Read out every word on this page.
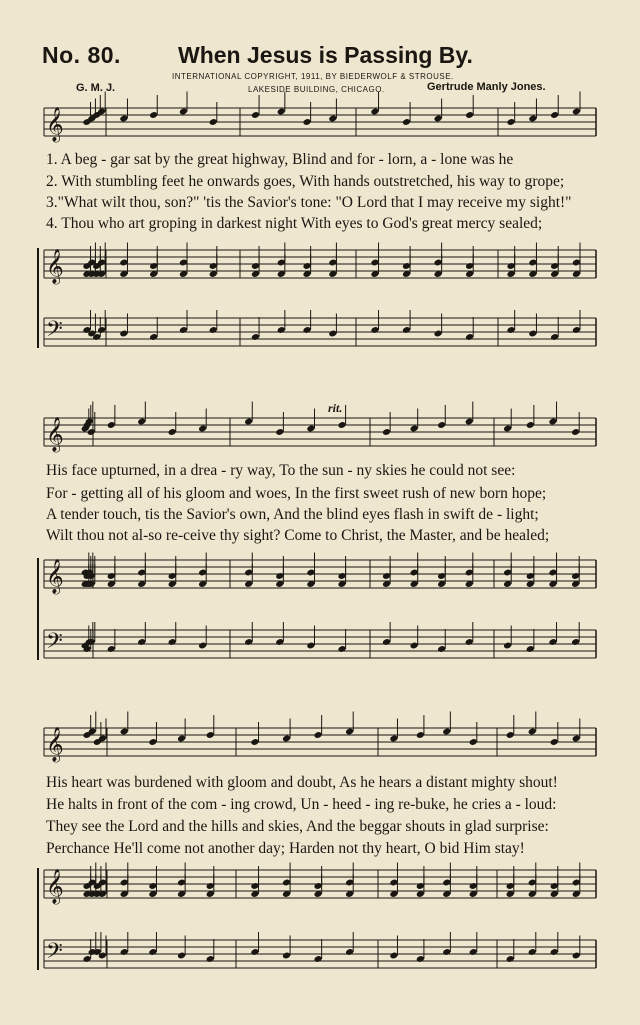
No. 80. When Jesus is Passing By.
INTERNATIONAL COPYRIGHT, 1911, BY BIEDERWOLF & STROUSE.
LAKESIDE BUILDING, CHICAGO.
G. M. J.	Gertrude Manly Jones.
𝄞
𝄞
𝄢
𝄞
𝄞
𝄢
𝄞
𝄞
𝄢
1. A beg - gar sat by the great highway, Blind and for - lorn, a - lone was he
2. With stumbling feet he onwards goes, With hands outstretched, his way to grope;
3."What wilt thou, son?" 'tis the Savior's tone: "O Lord that I may receive my sight!"
4. Thou who art groping in darkest night With eyes to God's great mercy sealed;
rit.
His face upturned, in a drea - ry way, To the sun - ny skies he could not see:
For - getting all of his gloom and woes, In the first sweet rush of new born hope;
A tender touch, tis the Savior's own, And the blind eyes flash in swift de - light;
Wilt thou not al-so re-ceive thy sight? Come to Christ, the Master, and be healed;
His heart was burdened with gloom and doubt, As he hears a distant mighty shout!
He halts in front of the com - ing crowd, Un - heed - ing re-buke, he cries a - loud:
They see the Lord and the hills and skies, And the beggar shouts in glad surprise:
Perchance He'll come not another day; Harden not thy heart, O bid Him stay!
